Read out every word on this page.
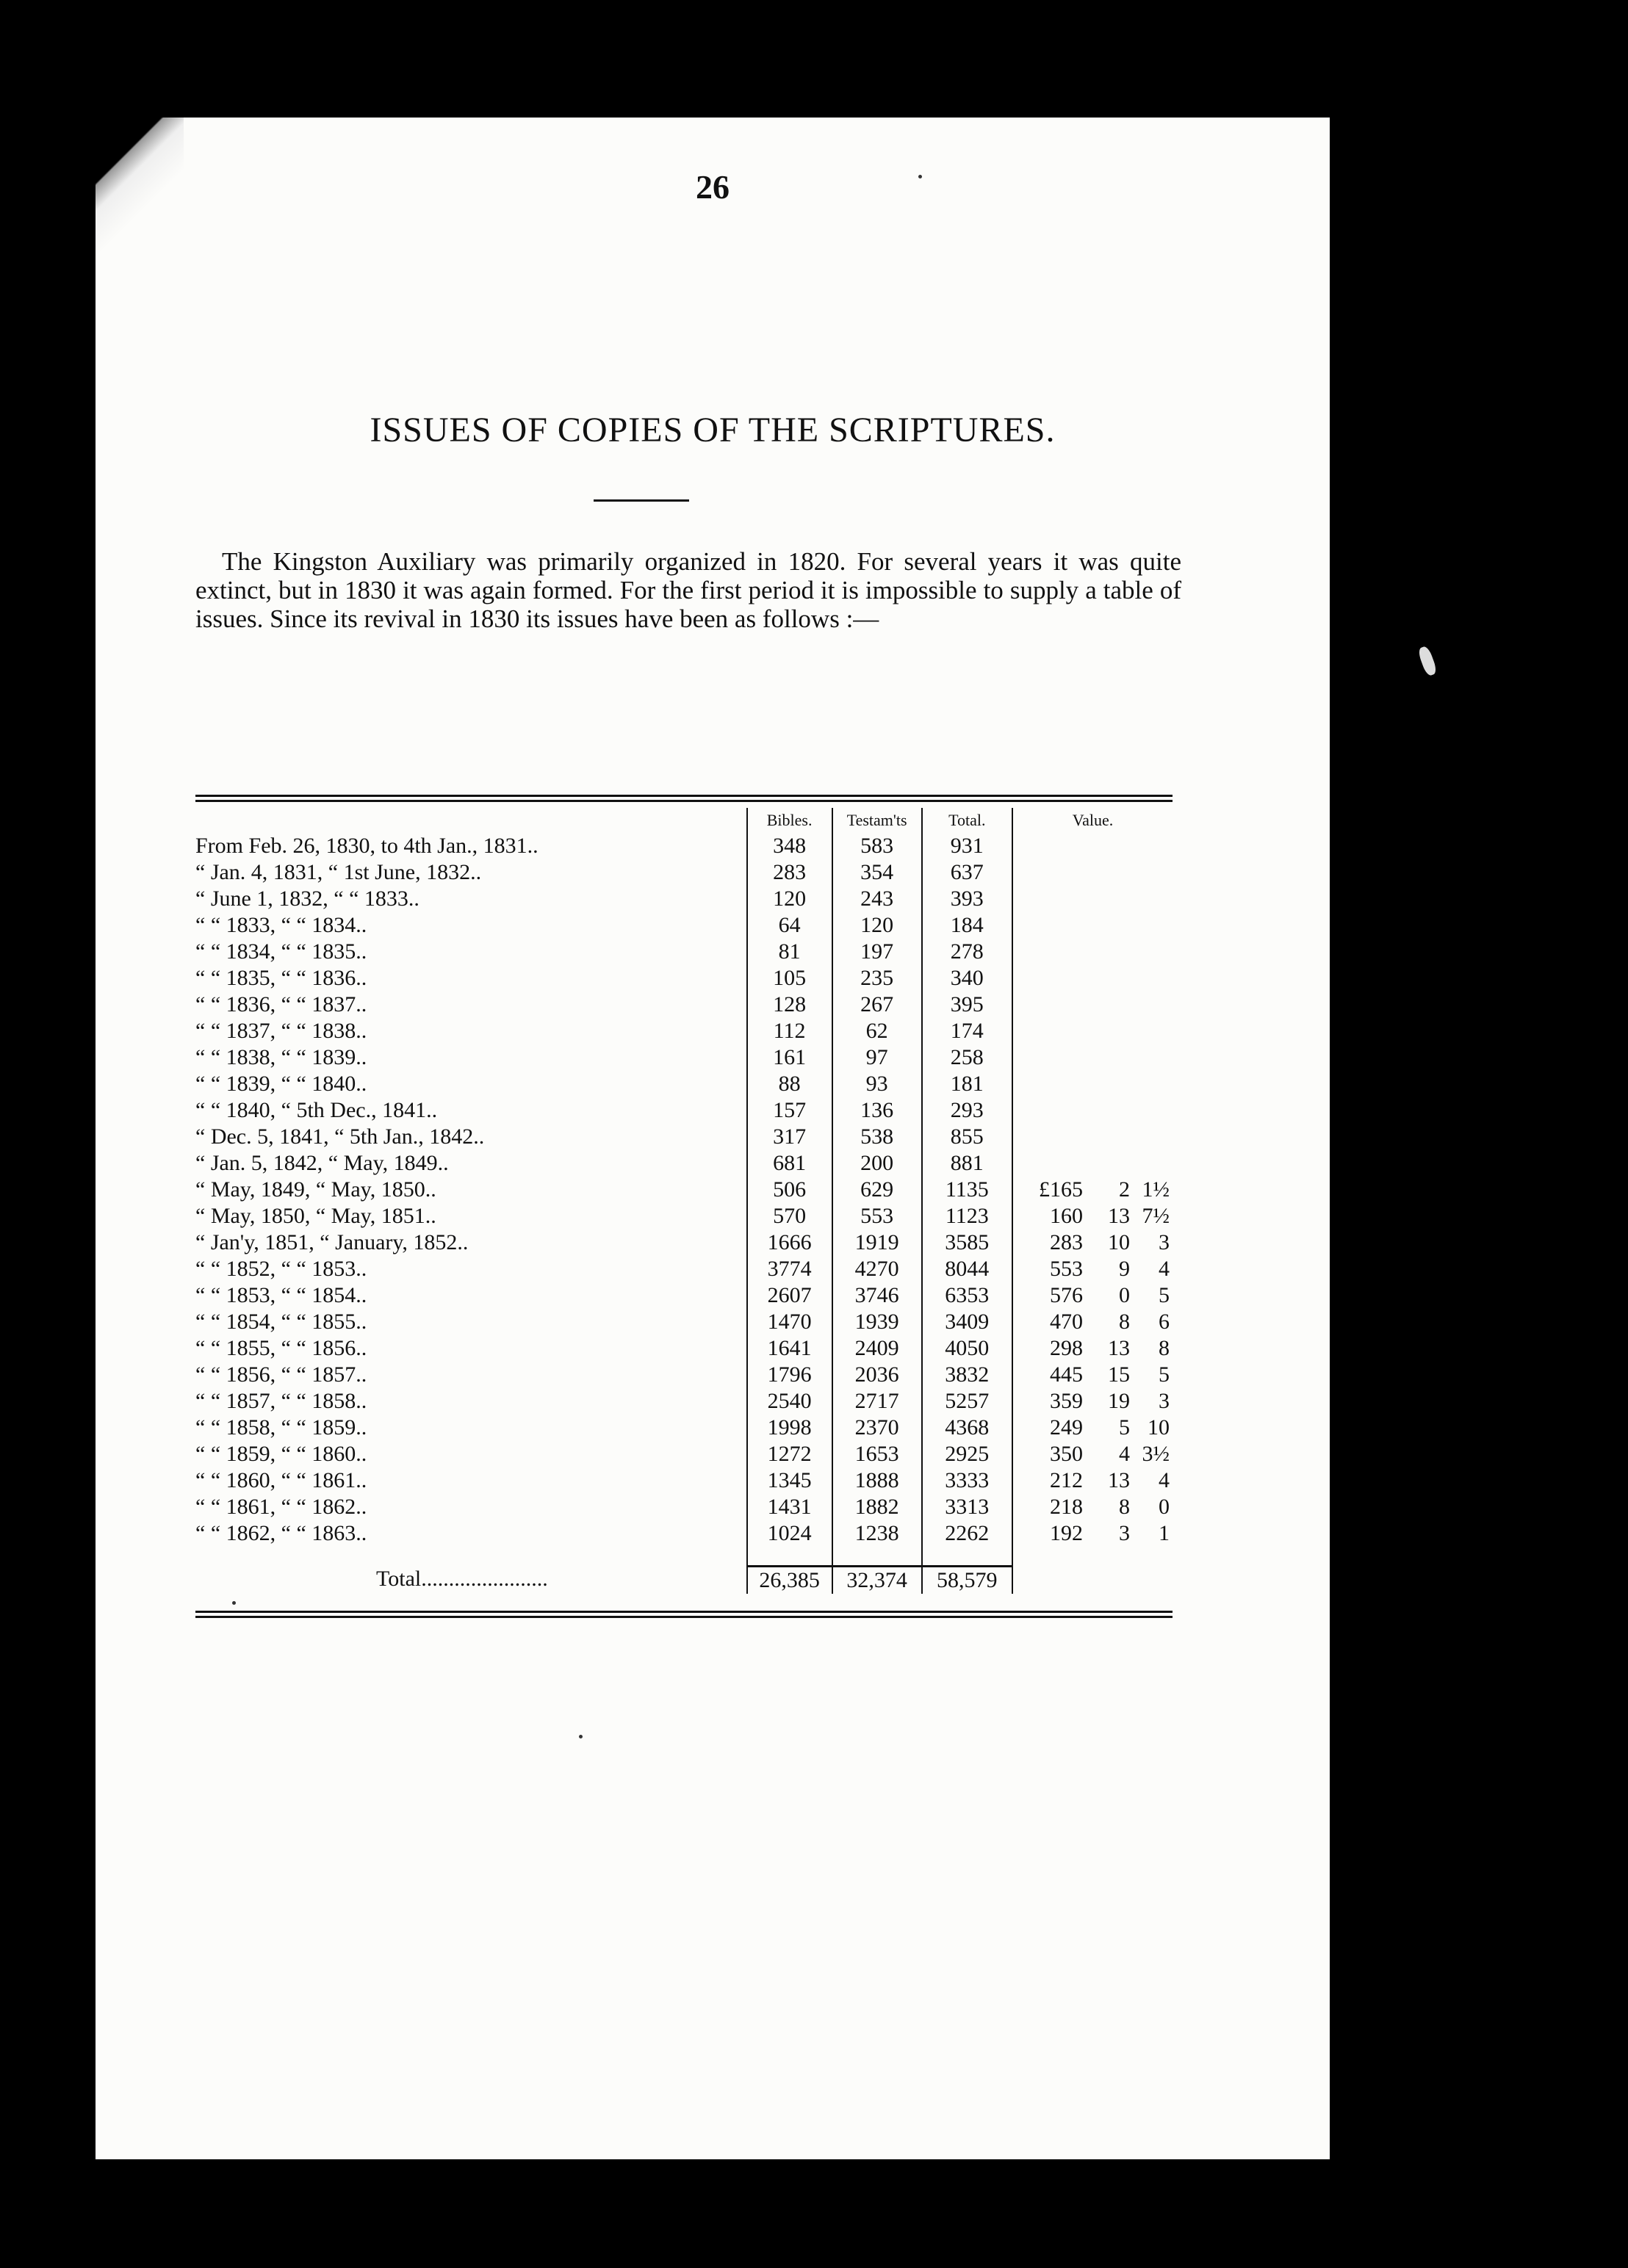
26
ISSUES OF COPIES OF THE SCRIPTURES.

The Kingston Auxiliary was primarily organized in 1820. For several years it was quite extinct, but in 1830 it was again formed. For the first period it is impossible to supply a table of issues. Since its revival in 1830 its issues have been as follows :—

	Bibles.	Testam'ts	Total.	Value.
From Feb. 26, 1830, to 4th Jan., 1831..	348	583	931	

“ Jan. 4, 1831, “ 1st June, 1832..	283	354	637	

“ June 1, 1832, “ “ 1833..	120	243	393	

“ “ 1833, “ “ 1834..	64	120	184	

“ “ 1834, “ “ 1835..	81	197	278	

“ “ 1835, “ “ 1836..	105	235	340	

“ “ 1836, “ “ 1837..	128	267	395	

“ “ 1837, “ “ 1838..	112	62	174	

“ “ 1838, “ “ 1839..	161	97	258	

“ “ 1839, “ “ 1840..	88	93	181	

“ “ 1840, “ 5th Dec., 1841..	157	136	293	

“ Dec. 5, 1841, “ 5th Jan., 1842..	317	538	855	

“ Jan. 5, 1842, “ May, 1849..	681	200	881	

“ May, 1849, “ May, 1850..	506	629	1135	£165 2 1½

“ May, 1850, “ May, 1851..	570	553	1123	160 13 7½

“ Jan'y, 1851, “ January, 1852..	1666	1919	3585	283 10 3

“ “ 1852, “ “ 1853..	3774	4270	8044	553 9 4

“ “ 1853, “ “ 1854..	2607	3746	6353	576 0 5

“ “ 1854, “ “ 1855..	1470	1939	3409	470 8 6

“ “ 1855, “ “ 1856..	1641	2409	4050	298 13 8

“ “ 1856, “ “ 1857..	1796	2036	3832	445 15 5

“ “ 1857, “ “ 1858..	2540	2717	5257	359 19 3

“ “ 1858, “ “ 1859..	1998	2370	4368	249 5 10

“ “ 1859, “ “ 1860..	1272	1653	2925	350 4 3½

“ “ 1860, “ “ 1861..	1345	1888	3333	212 13 4

“ “ 1861, “ “ 1862..	1431	1882	3313	218 8 0

“ “ 1862, “ “ 1863..	1024	1238	2262	192 3 1

Total.......................	26,385	32,374	58,579	
